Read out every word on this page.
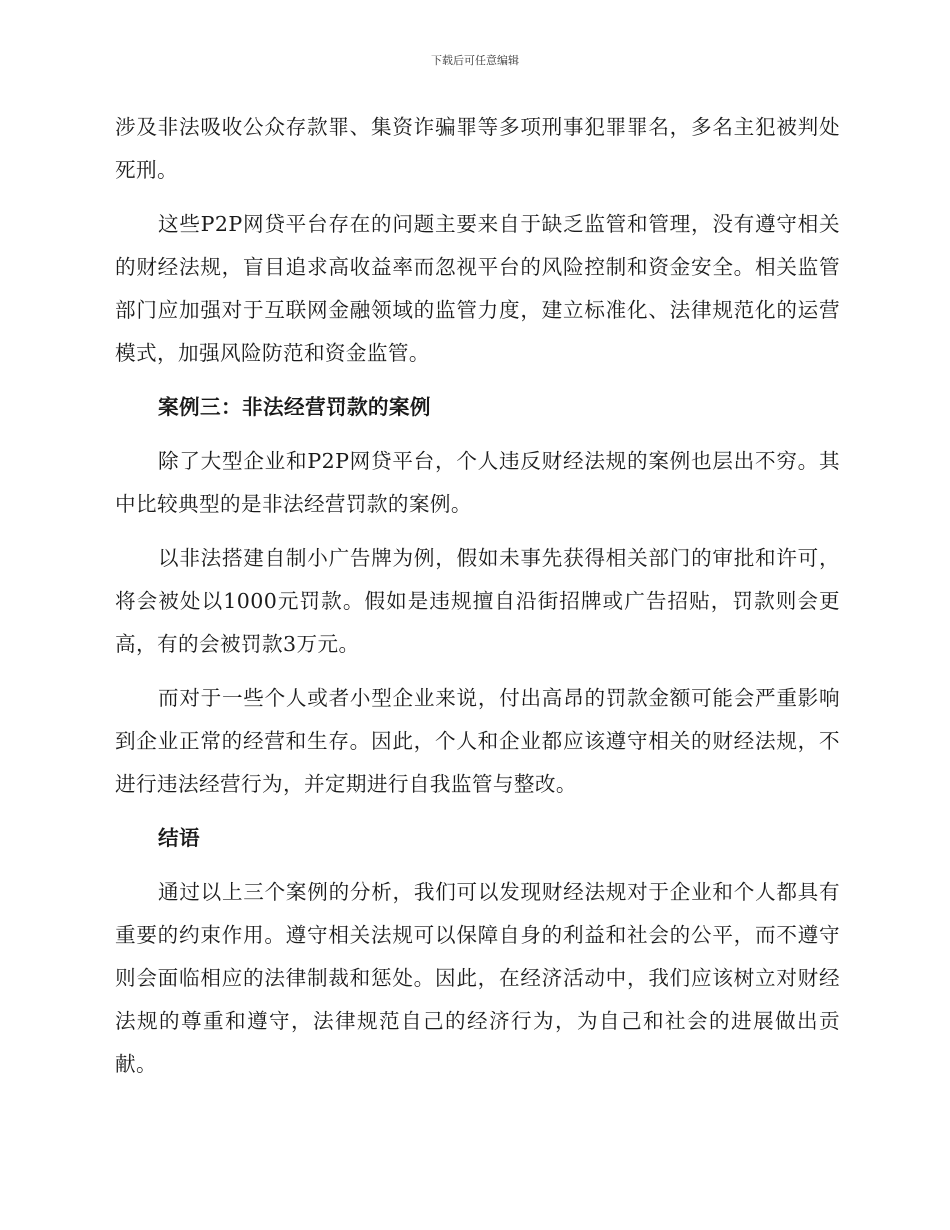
下载后可任意编辑

涉及非法吸收公众存款罪、集资诈骗罪等多项刑事犯罪罪名，多名主犯被判处死刑。

这些P2P网贷平台存在的问题主要来自于缺乏监管和管理，没有遵守相关的财经法规，盲目追求高收益率而忽视平台的风险控制和资金安全。相关监管部门应加强对于互联网金融领域的监管力度，建立标准化、法律规范化的运营模式，加强风险防范和资金监管。

案例三：非法经营罚款的案例

除了大型企业和P2P网贷平台，个人违反财经法规的案例也层出不穷。其中比较典型的是非法经营罚款的案例。

以非法搭建自制小广告牌为例，假如未事先获得相关部门的审批和许可，将会被处以1000元罚款。假如是违规擅自沿街招牌或广告招贴，罚款则会更高，有的会被罚款3万元。

而对于一些个人或者小型企业来说，付出高昂的罚款金额可能会严重影响到企业正常的经营和生存。因此，个人和企业都应该遵守相关的财经法规，不进行违法经营行为，并定期进行自我监管与整改。

结语

通过以上三个案例的分析，我们可以发现财经法规对于企业和个人都具有重要的约束作用。遵守相关法规可以保障自身的利益和社会的公平，而不遵守则会面临相应的法律制裁和惩处。因此，在经济活动中，我们应该树立对财经法规的尊重和遵守，法律规范自己的经济行为，为自己和社会的进展做出贡献。
